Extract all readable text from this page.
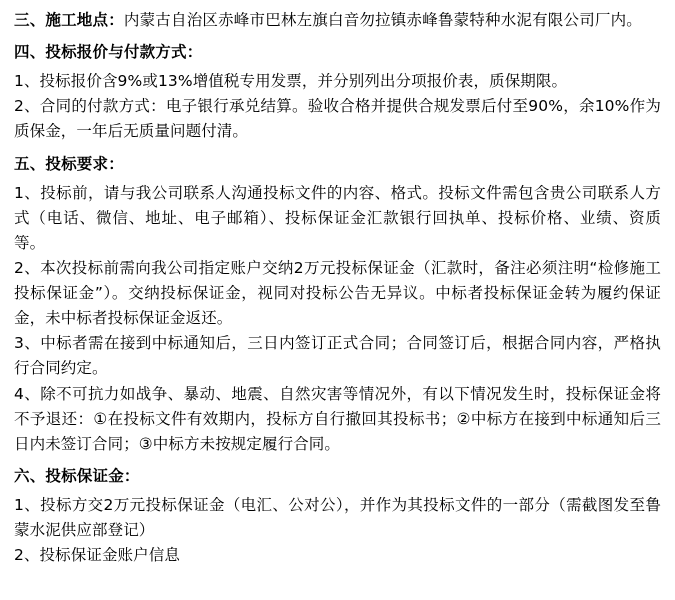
三、施工地点：内蒙古自治区赤峰市巴林左旗白音勿拉镇赤峰鲁蒙特种水泥有限公司厂内。

四、投标报价与付款方式：

1、投标报价含9%或13%增值税专用发票，并分别列出分项报价表，质保期限。

2、合同的付款方式：电子银行承兑结算。验收合格并提供合规发票后付至90%，余10%作为质保金，一年后无质量问题付清。

五、投标要求：

1、投标前，请与我公司联系人沟通投标文件的内容、格式。投标文件需包含贵公司联系人方式（电话、微信、地址、电子邮箱）、投标保证金汇款银行回执单、投标价格、业绩、资质等。

2、本次投标前需向我公司指定账户交纳2万元投标保证金（汇款时，备注必须注明“检修施工投标保证金”）。交纳投标保证金，视同对投标公告无异议。中标者投标保证金转为履约保证金，未中标者投标保证金返还。

3、中标者需在接到中标通知后，三日内签订正式合同；合同签订后，根据合同内容，严格执行合同约定。

4、除不可抗力如战争、暴动、地震、自然灾害等情况外，有以下情况发生时，投标保证金将不予退还：①在投标文件有效期内，投标方自行撤回其投标书；②中标方在接到中标通知后三日内未签订合同；③中标方未按规定履行合同。

六、投标保证金：

1、投标方交2万元投标保证金（电汇、公对公），并作为其投标文件的一部分（需截图发至鲁蒙水泥供应部登记）

2、投标保证金账户信息
